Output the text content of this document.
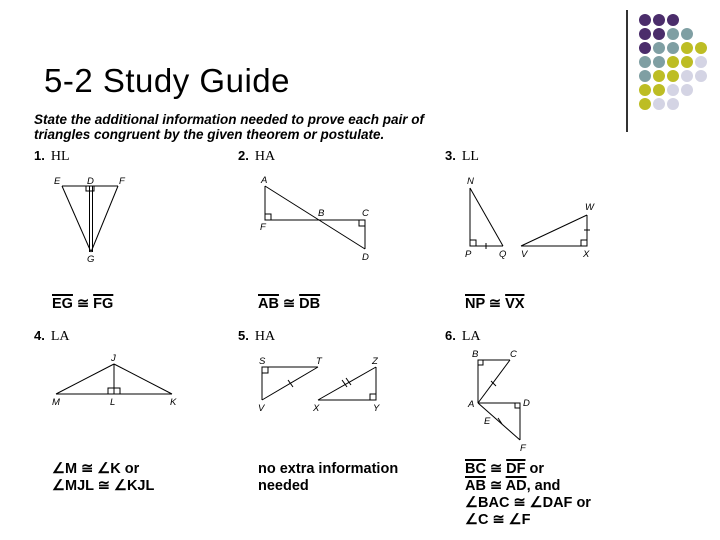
5-2 Study Guide
State the additional information needed to prove each pair of
triangles congruent by the given theorem or postulate.
1. HL	2. HA	3. LL
4. LA	5. HA	6. LA
E	D	F
G
A
B	C
F
D
N
W
P	Q V	X
J
M	L	K
S	T	Z
V	X	Y
B	C
A	D
E
F
$\overline{EG}$ ≅ $\overline{FG}$	$\overline{AB}$ ≅ $\overline{DB}$	$\overline{NP}$ ≅ $\overline{VX}$
∠M ≅ ∠K or
∠MJL ≅ ∠KJL
no extra information
needed
$\overline{BC}$ ≅ $\overline{DF}$ or
$\overline{AB}$ ≅ $\overline{AD}$, and
∠BAC ≅ ∠DAF or
∠C ≅ ∠F
